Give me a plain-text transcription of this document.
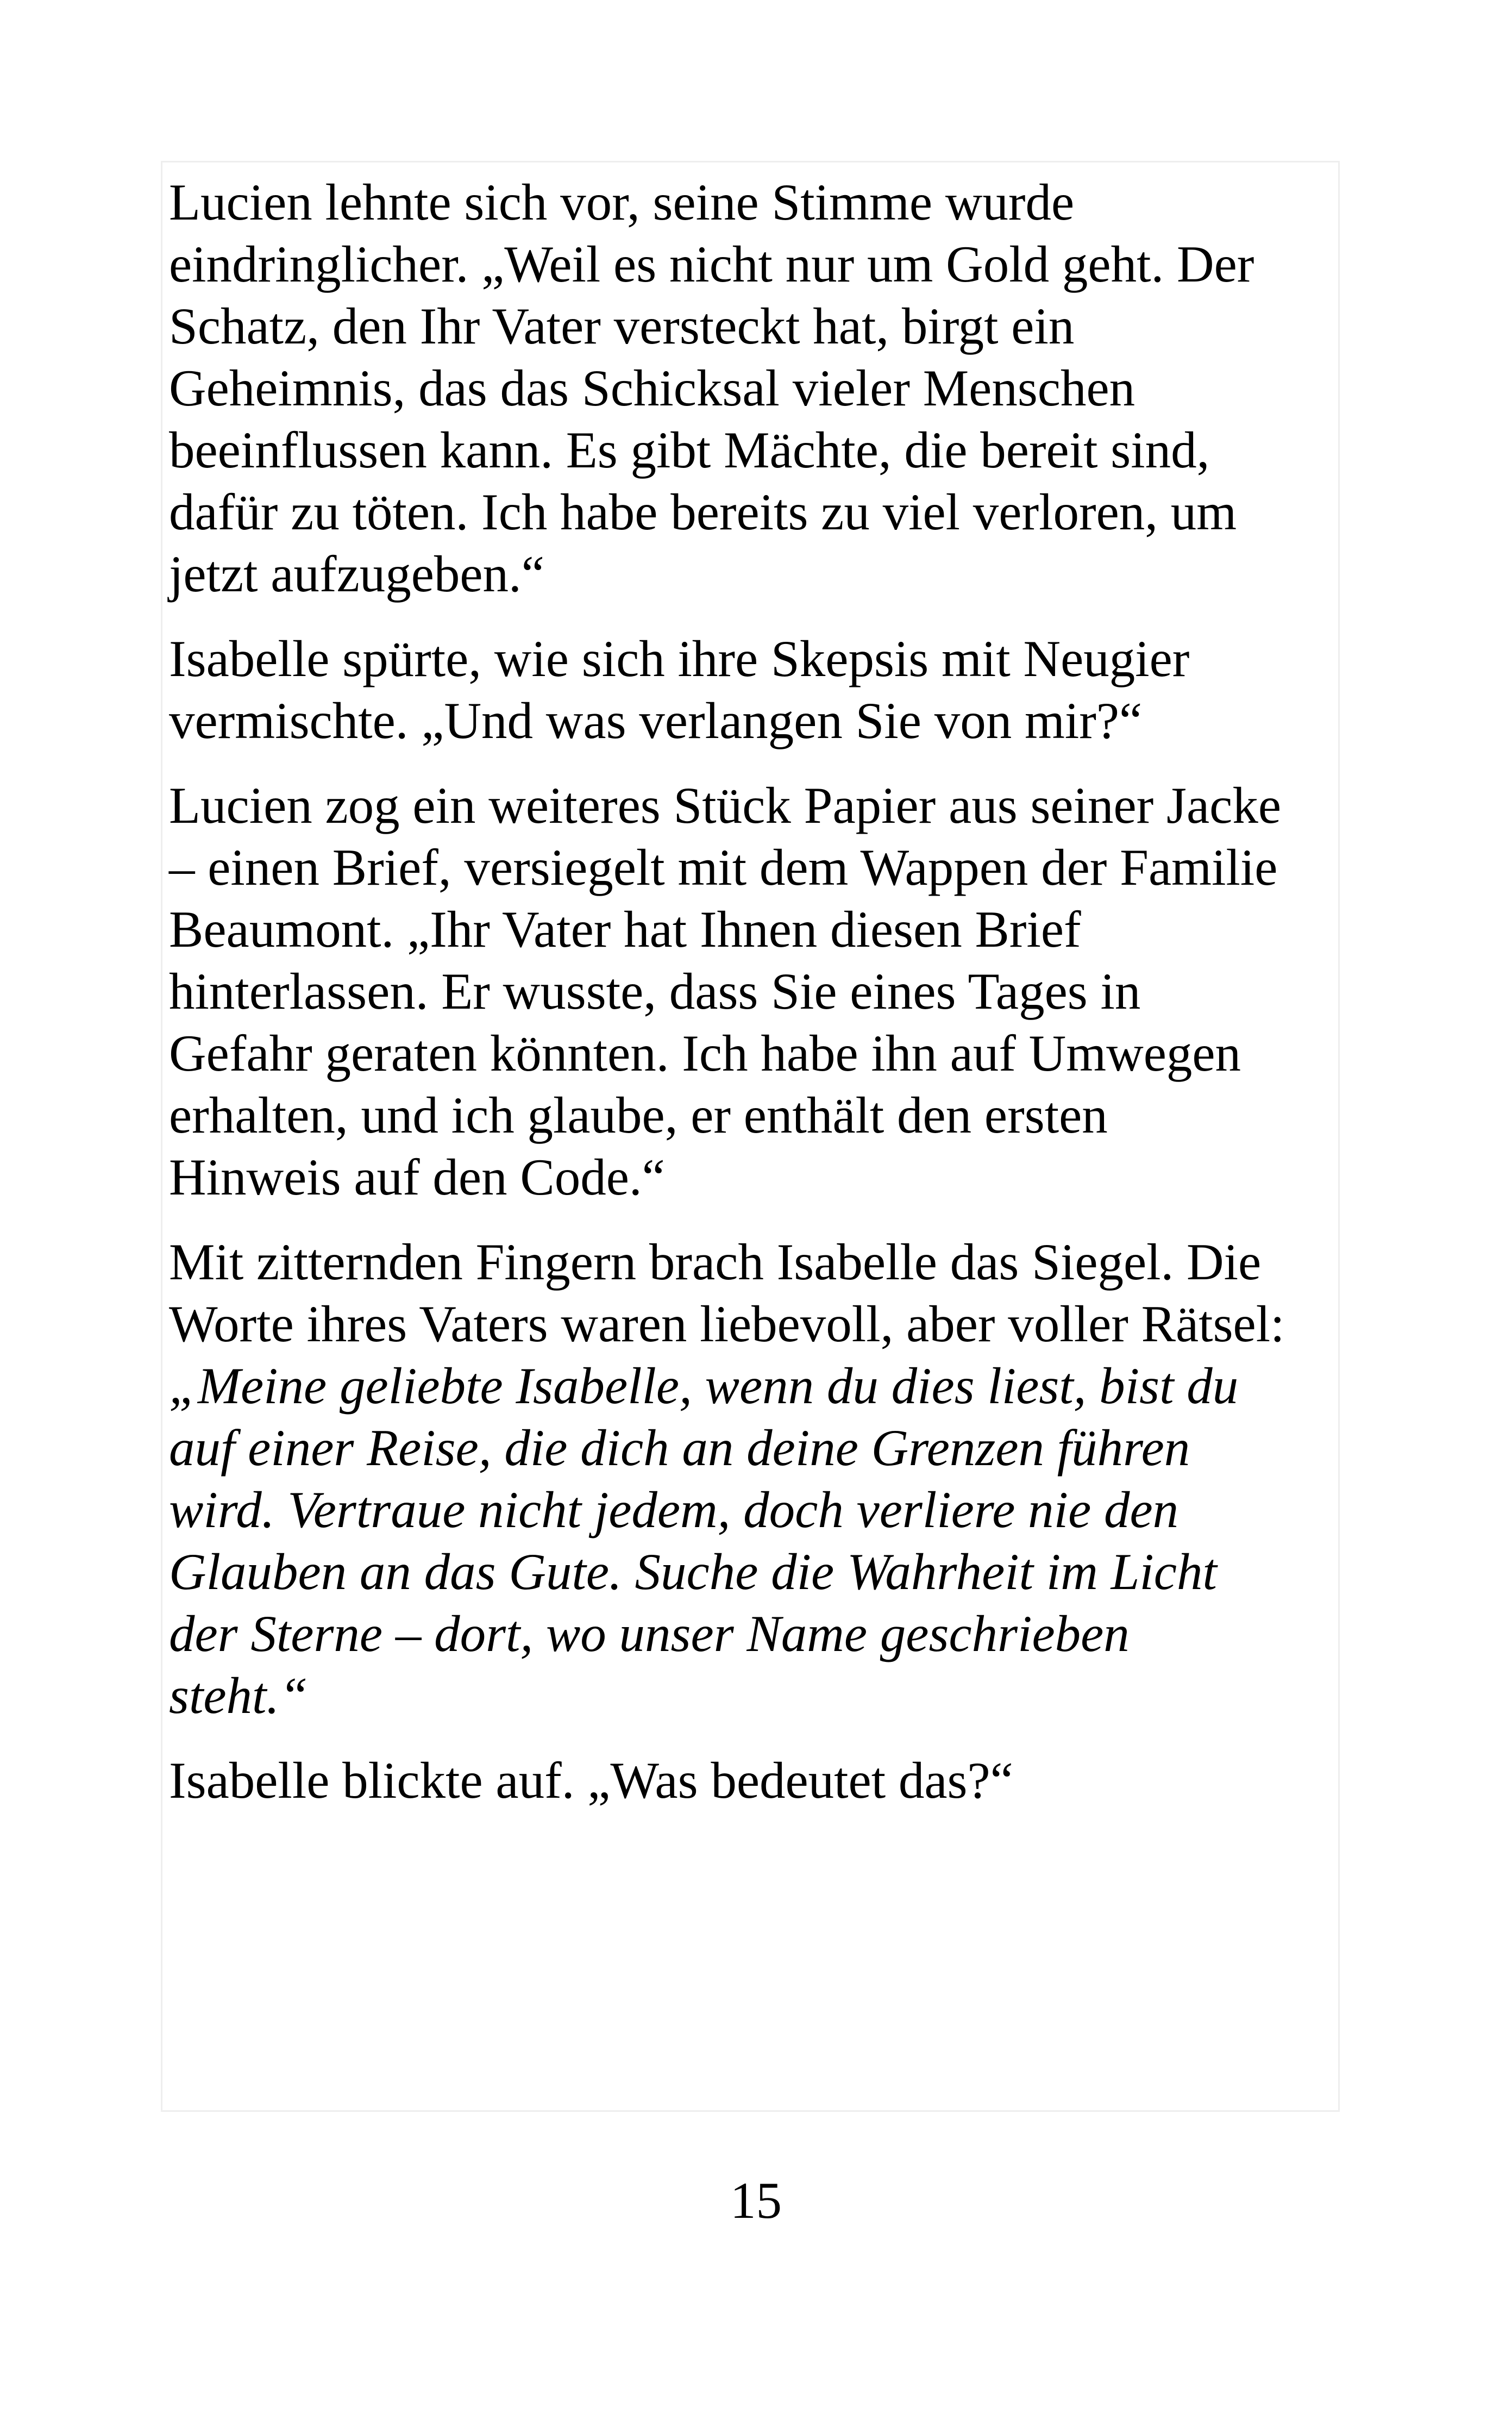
Lucien lehnte sich vor, seine Stimme wurde
eindringlicher. „Weil es nicht nur um Gold geht. Der
Schatz, den Ihr Vater versteckt hat, birgt ein
Geheimnis, das das Schicksal vieler Menschen
beeinflussen kann. Es gibt Mächte, die bereit sind,
dafür zu töten. Ich habe bereits zu viel verloren, um
jetzt aufzugeben.“

Isabelle spürte, wie sich ihre Skepsis mit Neugier
vermischte. „Und was verlangen Sie von mir?“

Lucien zog ein weiteres Stück Papier aus seiner Jacke
– einen Brief, versiegelt mit dem Wappen der Familie
Beaumont. „Ihr Vater hat Ihnen diesen Brief
hinterlassen. Er wusste, dass Sie eines Tages in
Gefahr geraten könnten. Ich habe ihn auf Umwegen
erhalten, und ich glaube, er enthält den ersten
Hinweis auf den Code.“

Mit zitternden Fingern brach Isabelle das Siegel. Die
Worte ihres Vaters waren liebevoll, aber voller Rätsel:
„Meine geliebte Isabelle, wenn du dies liest, bist du
auf einer Reise, die dich an deine Grenzen führen
wird. Vertraue nicht jedem, doch verliere nie den
Glauben an das Gute. Suche die Wahrheit im Licht
der Sterne – dort, wo unser Name geschrieben
steht.“

Isabelle blickte auf. „Was bedeutet das?“

15
